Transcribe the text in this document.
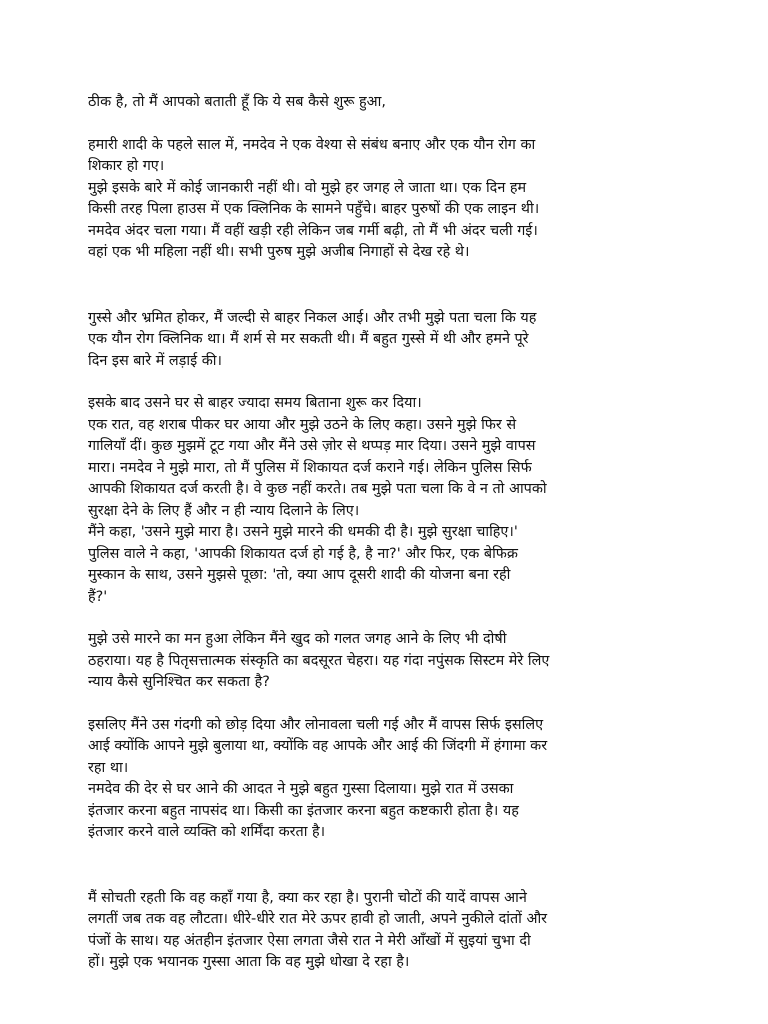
ठीक है, तो मैं आपको बताती हूँ कि ये सब कैसे शुरू हुआ,

हमारी शादी के पहले साल में, नमदेव ने एक वेश्या से संबंध बनाए और एक यौन रोग का
शिकार हो गए।

मुझे इसके बारे में कोई जानकारी नहीं थी। वो मुझे हर जगह ले जाता था। एक दिन हम
किसी तरह पिला हाउस में एक क्लिनिक के सामने पहुँचे। बाहर पुरुषों की एक लाइन थी।
नमदेव अंदर चला गया। मैं वहीं खड़ी रही लेकिन जब गर्मी बढ़ी, तो मैं भी अंदर चली गई।
वहां एक भी महिला नहीं थी। सभी पुरुष मुझे अजीब निगाहों से देख रहे थे।

गुस्से और भ्रमित होकर, मैं जल्दी से बाहर निकल आई। और तभी मुझे पता चला कि यह
एक यौन रोग क्लिनिक था। मैं शर्म से मर सकती थी। मैं बहुत गुस्से में थी और हमने पूरे
दिन इस बारे में लड़ाई की।

इसके बाद उसने घर से बाहर ज्यादा समय बिताना शुरू कर दिया।

एक रात, वह शराब पीकर घर आया और मुझे उठने के लिए कहा। उसने मुझे फिर से
गालियाँ दीं। कुछ मुझमें टूट गया और मैंने उसे ज़ोर से थप्पड़ मार दिया। उसने मुझे वापस
मारा। नमदेव ने मुझे मारा, तो मैं पुलिस में शिकायत दर्ज कराने गई। लेकिन पुलिस सिर्फ
आपकी शिकायत दर्ज करती है। वे कुछ नहीं करते। तब मुझे पता चला कि वे न तो आपको
सुरक्षा देने के लिए हैं और न ही न्याय दिलाने के लिए।

मैंने कहा, 'उसने मुझे मारा है। उसने मुझे मारने की धमकी दी है। मुझे सुरक्षा चाहिए।'
पुलिस वाले ने कहा, 'आपकी शिकायत दर्ज हो गई है, है ना?' और फिर, एक बेफिक्र
मुस्कान के साथ, उसने मुझसे पूछा: 'तो, क्या आप दूसरी शादी की योजना बना रही
हैं?'

मुझे उसे मारने का मन हुआ लेकिन मैंने खुद को गलत जगह आने के लिए भी दोषी
ठहराया। यह है पितृसत्तात्मक संस्कृति का बदसूरत चेहरा। यह गंदा नपुंसक सिस्टम मेरे लिए
न्याय कैसे सुनिश्चित कर सकता है?

इसलिए मैंने उस गंदगी को छोड़ दिया और लोनावला चली गई और मैं वापस सिर्फ इसलिए
आई क्योंकि आपने मुझे बुलाया था, क्योंकि वह आपके और आई की जिंदगी में हंगामा कर
रहा था।

नमदेव की देर से घर आने की आदत ने मुझे बहुत गुस्सा दिलाया। मुझे रात में उसका
इंतजार करना बहुत नापसंद था। किसी का इंतजार करना बहुत कष्टकारी होता है। यह
इंतजार करने वाले व्यक्ति को शर्मिंदा करता है।

मैं सोचती रहती कि वह कहाँ गया है, क्या कर रहा है। पुरानी चोटों की यादें वापस आने
लगतीं जब तक वह लौटता। धीरे-धीरे रात मेरे ऊपर हावी हो जाती, अपने नुकीले दांतों और
पंजों के साथ। यह अंतहीन इंतजार ऐसा लगता जैसे रात ने मेरी आँखों में सुइयां चुभा दी
हों। मुझे एक भयानक गुस्सा आता कि वह मुझे धोखा दे रहा है।
